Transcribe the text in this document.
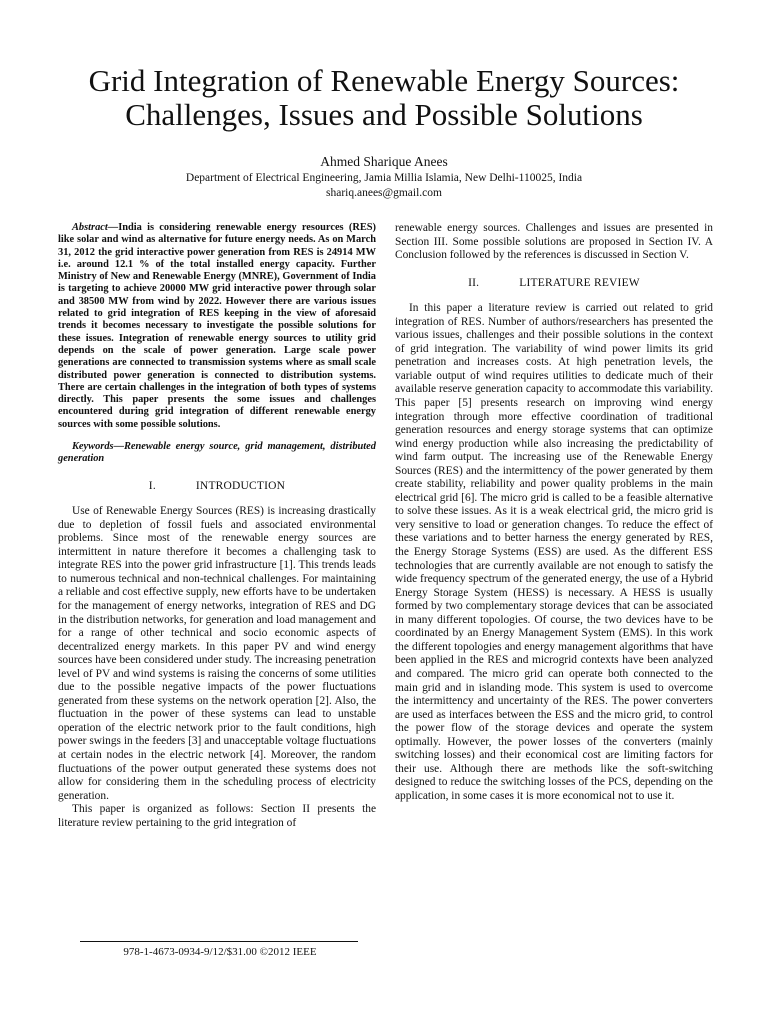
Grid Integration of Renewable Energy Sources:
Challenges, Issues and Possible Solutions
Ahmed Sharique Anees
Department of Electrical Engineering, Jamia Millia Islamia, New Delhi-110025, India
shariq.anees@gmail.com

Abstract—India is considering renewable energy resources (RES) like solar and wind as alternative for future energy needs. As on March 31, 2012 the grid interactive power generation from RES is 24914 MW i.e. around 12.1 % of the total installed energy capacity. Further Ministry of New and Renewable Energy (MNRE), Government of India is targeting to achieve 20000 MW grid interactive power through solar and 38500 MW from wind by 2022. However there are various issues related to grid integration of RES keeping in the view of aforesaid trends it becomes necessary to investigate the possible solutions for these issues. Integration of renewable energy sources to utility grid depends on the scale of power generation. Large scale power generations are connected to transmission systems where as small scale distributed power generation is connected to distribution systems. There are certain challenges in the integration of both types of systems directly. This paper presents the some issues and challenges encountered during grid integration of different renewable energy sources with some possible solutions.

Keywords—Renewable energy source, grid management, distributed generation

I.	INTRODUCTION

Use of Renewable Energy Sources (RES) is increasing drastically due to depletion of fossil fuels and associated environmental problems. Since most of the renewable energy sources are intermittent in nature therefore it becomes a challenging task to integrate RES into the power grid infrastructure [1]. This trends leads to numerous technical and non-technical challenges. For maintaining a reliable and cost effective supply, new efforts have to be undertaken for the management of energy networks, integration of RES and DG in the distribution networks, for generation and load management and for a range of other technical and socio economic aspects of decentralized energy markets. In this paper PV and wind energy sources have been considered under study. The increasing penetration level of PV and wind systems is raising the concerns of some utilities due to the possible negative impacts of the power fluctuations generated from these systems on the network operation [2]. Also, the fluctuation in the power of these systems can lead to unstable operation of the electric network prior to the fault conditions, high power swings in the feeders [3] and unacceptable voltage fluctuations at certain nodes in the electric network [4]. Moreover, the random fluctuations of the power output generated these systems does not allow for considering them in the scheduling process of electricity generation.

This paper is organized as follows: Section II presents the literature review pertaining to the grid integration of

renewable energy sources. Challenges and issues are presented in Section III. Some possible solutions are proposed in Section IV. A Conclusion followed by the references is discussed in Section V.

II.	LITERATURE REVIEW

In this paper a literature review is carried out related to grid integration of RES. Number of authors/researchers has presented the various issues, challenges and their possible solutions in the context of grid integration. The variability of wind power limits its grid penetration and increases costs. At high penetration levels, the variable output of wind requires utilities to dedicate much of their available reserve generation capacity to accommodate this variability. This paper [5] presents research on improving wind energy integration through more effective coordination of traditional generation resources and energy storage systems that can optimize wind energy production while also increasing the predictability of wind farm output. The increasing use of the Renewable Energy Sources (RES) and the intermittency of the power generated by them create stability, reliability and power quality problems in the main electrical grid [6]. The micro grid is called to be a feasible alternative to solve these issues. As it is a weak electrical grid, the micro grid is very sensitive to load or generation changes. To reduce the effect of these variations and to better harness the energy generated by RES, the Energy Storage Systems (ESS) are used. As the different ESS technologies that are currently available are not enough to satisfy the wide frequency spectrum of the generated energy, the use of a Hybrid Energy Storage System (HESS) is necessary. A HESS is usually formed by two complementary storage devices that can be associated in many different topologies. Of course, the two devices have to be coordinated by an Energy Management System (EMS). In this work the different topologies and energy management algorithms that have been applied in the RES and microgrid contexts have been analyzed and compared. The micro grid can operate both connected to the main grid and in islanding mode. This system is used to overcome the intermittency and uncertainty of the RES. The power converters are used as interfaces between the ESS and the micro grid, to control the power flow of the storage devices and operate the system optimally. However, the power losses of the converters (mainly switching losses) and their economical cost are limiting factors for their use. Although there are methods like the soft-switching designed to reduce the switching losses of the PCS, depending on the application, in some cases it is more economical not to use it.

978-1-4673-0934-9/12/$31.00 ©2012 IEEE
